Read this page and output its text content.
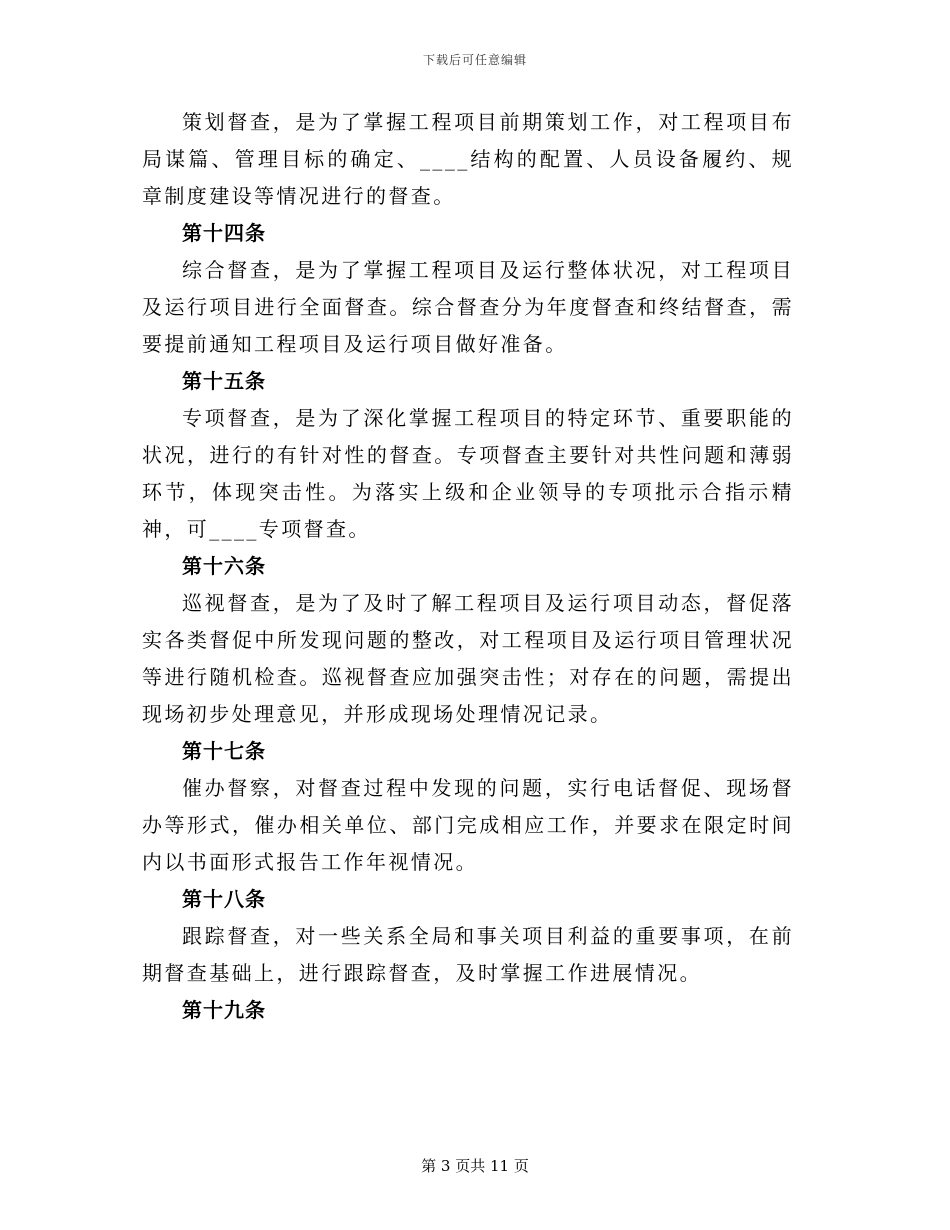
下载后可任意编辑

策划督查，是为了掌握工程项目前期策划工作，对工程项目布局谋篇、管理目标的确定、____结构的配置、人员设备履约、规章制度建设等情况进行的督查。

第十四条

综合督查，是为了掌握工程项目及运行整体状况，对工程项目及运行项目进行全面督查。综合督查分为年度督查和终结督查，需要提前通知工程项目及运行项目做好准备。

第十五条

专项督查，是为了深化掌握工程项目的特定环节、重要职能的状况，进行的有针对性的督查。专项督查主要针对共性问题和薄弱环节，体现突击性。为落实上级和企业领导的专项批示合指示精神，可____专项督查。

第十六条

巡视督查，是为了及时了解工程项目及运行项目动态，督促落实各类督促中所发现问题的整改，对工程项目及运行项目管理状况等进行随机检查。巡视督查应加强突击性；对存在的问题，需提出现场初步处理意见，并形成现场处理情况记录。

第十七条

催办督察，对督查过程中发现的问题，实行电话督促、现场督办等形式，催办相关单位、部门完成相应工作，并要求在限定时间内以书面形式报告工作年视情况。

第十八条

跟踪督查，对一些关系全局和事关项目利益的重要事项，在前期督查基础上，进行跟踪督查，及时掌握工作进展情况。

第十九条

第 3 页共 11 页
